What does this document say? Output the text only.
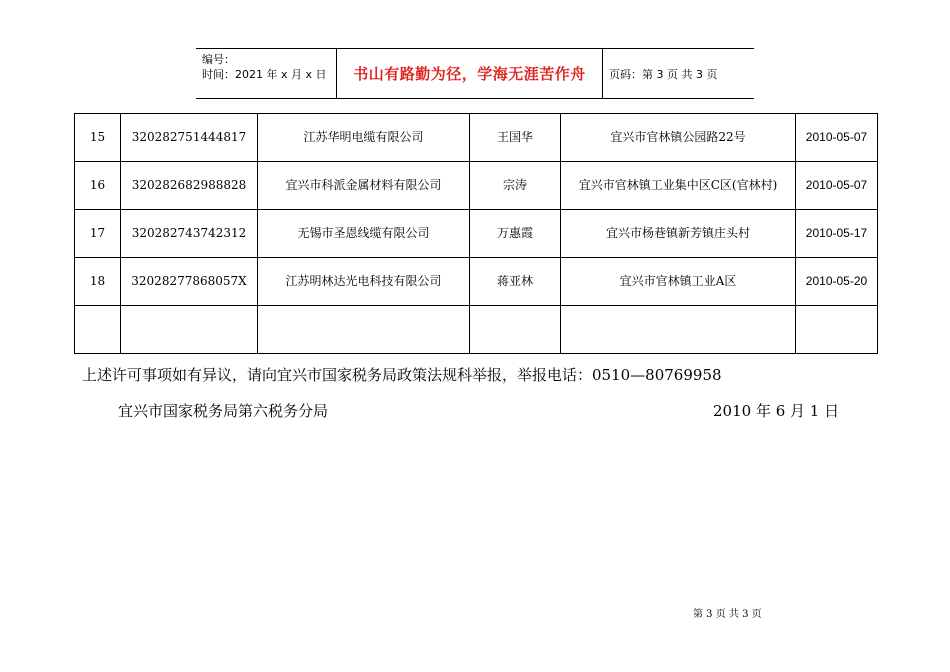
编号：
时间：2021 年 x 月 x 日	书山有路勤为径，学海无涯苦作舟	页码：第 3 页 共 3 页
15	320282751444817	江苏华明电缆有限公司	王国华	宜兴市官林镇公园路22号	2010-05-07
16	320282682988828	宜兴市科派金属材料有限公司	宗涛	宜兴市官林镇工业集中区C区(官林村)	2010-05-07
17	320282743742312	无锡市圣恩线缆有限公司	万惠霞	宜兴市杨巷镇新芳镇庄头村	2010-05-17
18	32028277868057X	江苏明林达光电科技有限公司	蒋亚林	宜兴市官林镇工业A区	2010-05-20

上述许可事项如有异议，请向宜兴市国家税务局政策法规科举报，举报电话：0510—80769958
宜兴市国家税务局第六税务分局	2010 年 6 月 1 日
第 3 页 共 3 页
